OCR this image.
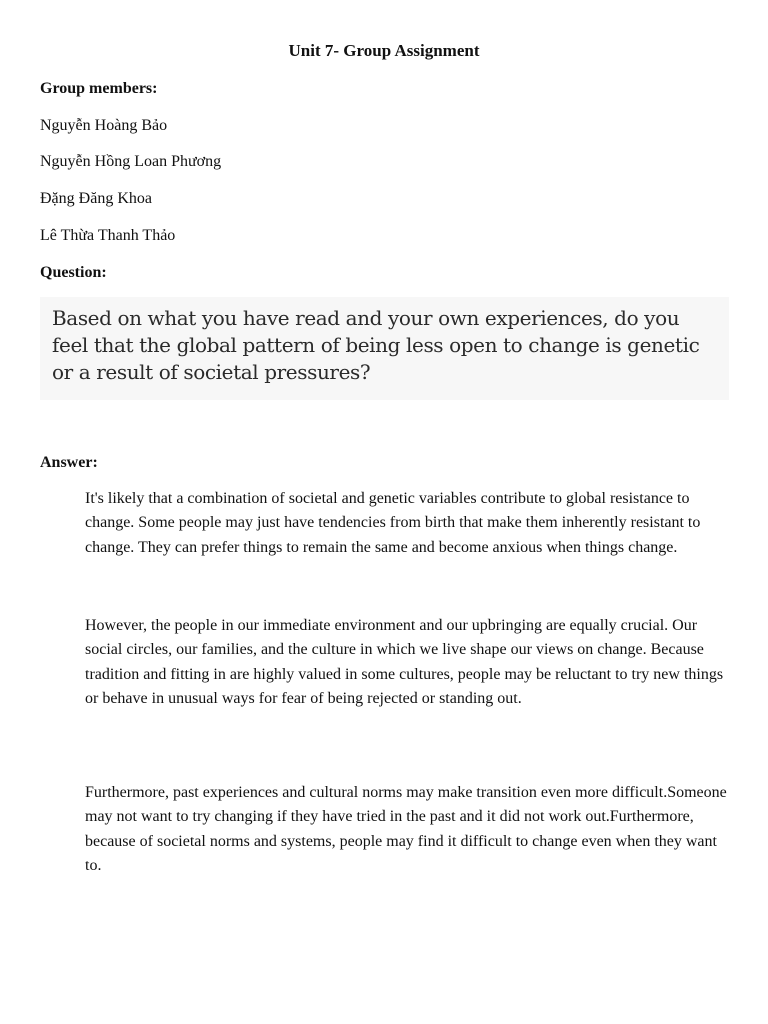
Unit 7- Group Assignment
Group members:
Nguyễn Hoàng Bảo
Nguyễn Hồng Loan Phương
Đặng Đăng Khoa
Lê Thừa Thanh Thảo
Question:
Based on what you have read and your own experiences, do you feel that the global pattern of being less open to change is genetic or a result of societal pressures?
Answer:
It's likely that a combination of societal and genetic variables contribute to global resistance to change. Some people may just have tendencies from birth that make them inherently resistant to change. They can prefer things to remain the same and become anxious when things change.
However, the people in our immediate environment and our upbringing are equally crucial. Our social circles, our families, and the culture in which we live shape our views on change. Because tradition and fitting in are highly valued in some cultures, people may be reluctant to try new things or behave in unusual ways for fear of being rejected or standing out.
Furthermore, past experiences and cultural norms may make transition even more difficult.Someone may not want to try changing if they have tried in the past and it did not work out.Furthermore, because of societal norms and systems, people may find it difficult to change even when they want to.
